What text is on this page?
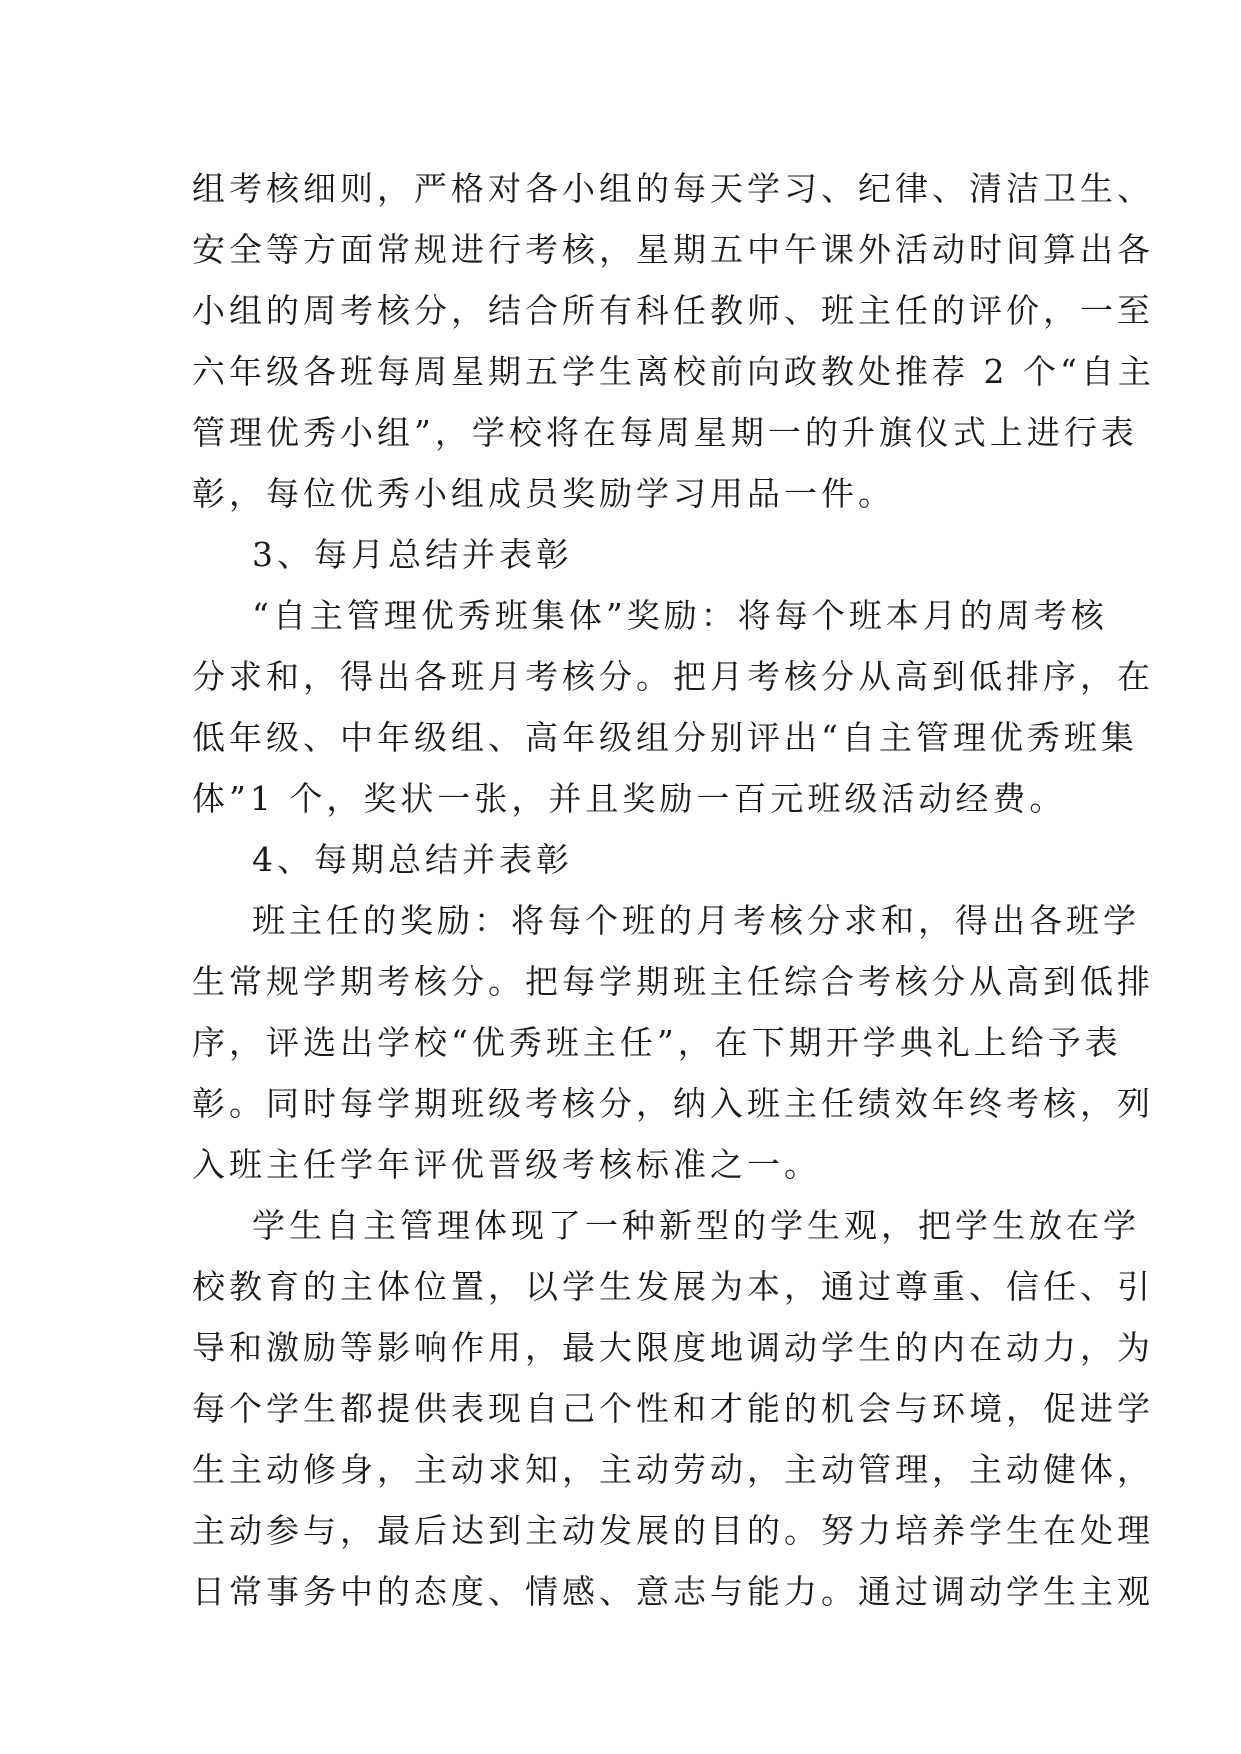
组考核细则，严格对各小组的每天学习、纪律、清洁卫生、
安全等方面常规进行考核，星期五中午课外活动时间算出各
小组的周考核分，结合所有科任教师、班主任的评价，一至
六年级各班每周星期五学生离校前向政教处推荐 2 个“自主
管理优秀小组”，学校将在每周星期一的升旗仪式上进行表
彰，每位优秀小组成员奖励学习用品一件。
3、每月总结并表彰
“自主管理优秀班集体”奖励：将每个班本月的周考核
分求和，得出各班月考核分。把月考核分从高到低排序，在
低年级、中年级组、高年级组分别评出“自主管理优秀班集
体”1 个，奖状一张，并且奖励一百元班级活动经费。
4、每期总结并表彰
班主任的奖励：将每个班的月考核分求和，得出各班学
生常规学期考核分。把每学期班主任综合考核分从高到低排
序，评选出学校“优秀班主任”，在下期开学典礼上给予表
彰。同时每学期班级考核分，纳入班主任绩效年终考核，列
入班主任学年评优晋级考核标准之一。
学生自主管理体现了一种新型的学生观，把学生放在学
校教育的主体位置，以学生发展为本，通过尊重、信任、引
导和激励等影响作用，最大限度地调动学生的内在动力，为
每个学生都提供表现自己个性和才能的机会与环境，促进学
生主动修身，主动求知，主动劳动，主动管理，主动健体，
主动参与，最后达到主动发展的目的。努力培养学生在处理
日常事务中的态度、情感、意志与能力。通过调动学生主观
